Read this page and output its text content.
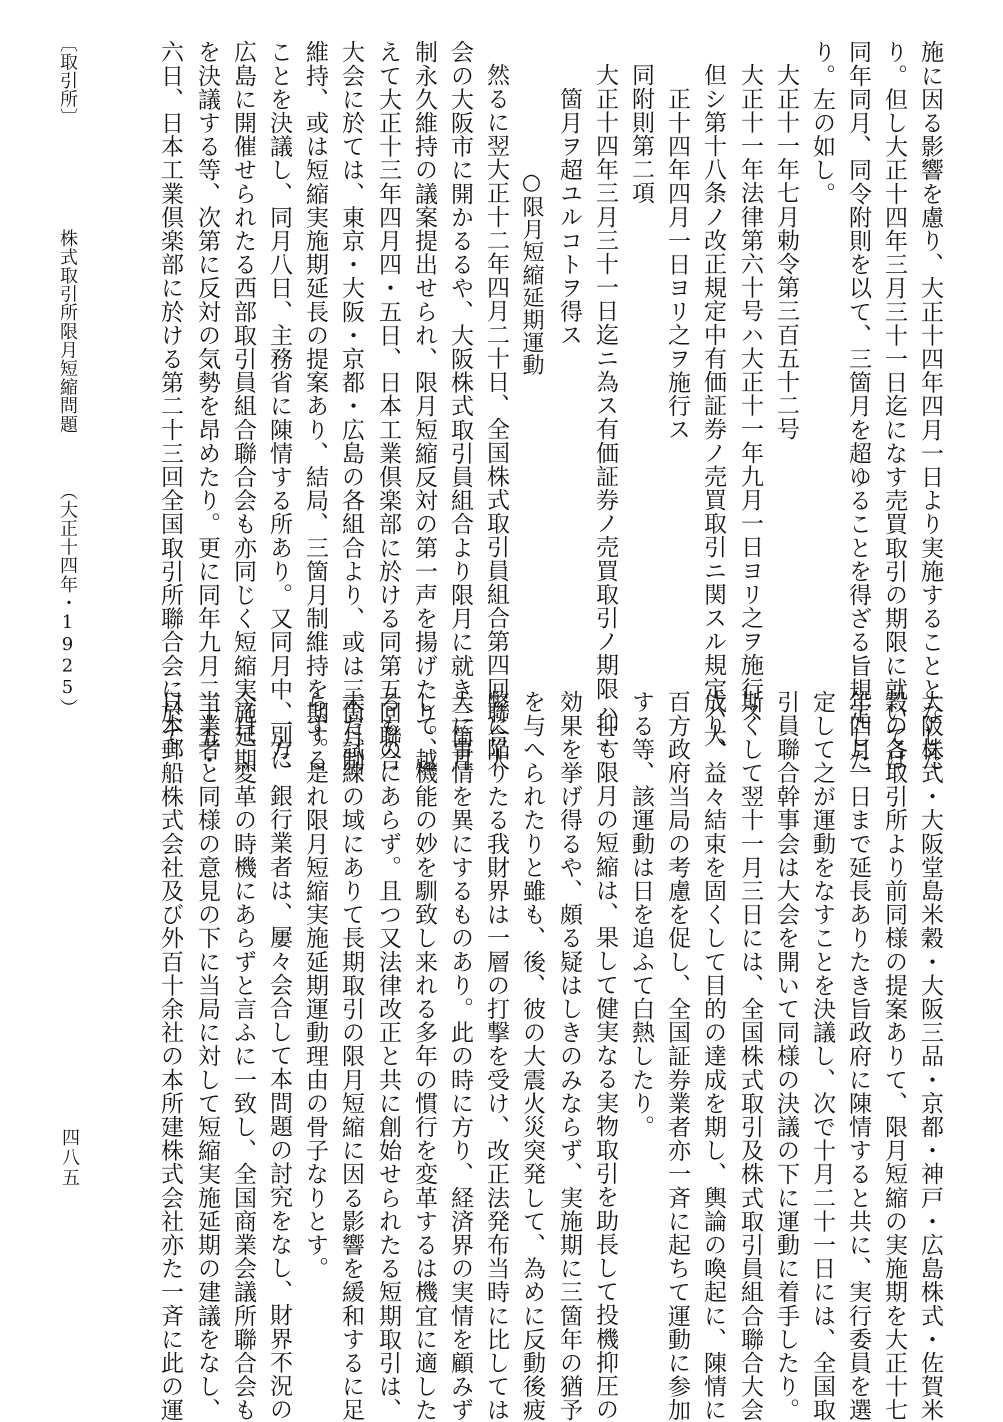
〔取引所〕
株式取引所限月短縮問題
（大正十四年・1925）	施に因る影響を慮り、大正十四年四月一日より実施することとなした
り。但し大正十四年三月三十一日迄になす売買取引の期限に就いては
同年同月、同令附則を以て、三箇月を超ゆることを得ざる旨規定した
り。左の如し。
大正十一年七月勅令第三百五十二号
大正十一年法律第六十号ハ大正十一年九月一日ヨリ之ヲ施行ス
但シ第十八条ノ改正規定中有価証券ノ売買取引ニ関スル規定ハ大
正十四年四月一日ヨリ之ヲ施行ス
同附則第二項
大正十四年三月三十一日迄ニ為ス有価証券ノ売買取引ノ期限ハ三
箇月ヲ超ユルコトヲ得ス
○限月短縮延期運動
然るに翌大正十二年四月二十日、全国株式取引員組合第四回聯合大
会の大阪市に開かるるや、大阪株式取引員組合より限月に就き三箇月
制永久維持の議案提出せられ、限月短縮反対の第一声を揚げたり。越
えて大正十三年四月四・五日、日本工業倶楽部に於ける同第五回聯合
大会に於ては、東京・大阪・京都・広島の各組合より、或は三箇月制
維持、或は短縮実施期延長の提案あり、結局、三箇月制維持を期する
ことを決議し、同月八日、主務省に陳情する所あり。又同月中、別に
広島に開催せられたる西部取引員組合聯合会も亦同じく短縮実施延期
を決議する等、次第に反対の気勢を昂めたり。更に同年九月二十五・
六日、日本工業倶楽部に於ける第二十三回全国取引所聯合会に於て
大阪株式・大阪堂島米穀・大阪三品・京都・神戸・広島株式・佐賀米
穀の各取引所より前同様の提案ありて、限月短縮の実施期を大正十七
年四月一日まで延長ありたき旨政府に陳情すると共に、実行委員を選
定して之が運動をなすことを決議し、次で十月二十一日には、全国取
引員聯合幹事会は大会を開いて同様の決議の下に運動に着手したり。
斯くして翌十一月三日には、全国株式取引及株式取引員組合聯合大会
成り、益々結束を固くして目的の達成を期し、輿論の喚起に、陳情に
百方政府当局の考慮を促し、全国証券業者亦一斉に起ちて運動に参加
する等、該運動は日を追ふて白熱したり。
抑も限月の短縮は、果して健実なる実物取引を助長して投機抑圧の
効果を挙げ得るや、頗る疑はしきのみならず、実施期に三箇年の猶予
を与へられたりと雖も、後、彼の大震火災突発して、為めに反動後疲
弊に陥りたる我財界は一層の打撃を受け、改正法発布当時に比しては
大に事情を異にするものあり。此の時に方り、経済界の実情を顧みず
して、機能の妙を馴致し来れる多年の慣行を変革するは機宜に適した
るものにあらず。且つ又法律改正と共に創始せられたる短期取引は、
未だ試練の域にありて長期取引の限月短縮に因る影響を緩和するに足
らず。是れ限月短縮実施延期運動理由の骨子なりとす。
一方、銀行業者は、屢々会合して本問題の討究をなし、財界不況の
今日、変革の時機にあらずと言ふに一致し、全国商業会議所聯合会も
当業者と同様の意見の下に当局に対して短縮実施延期の建議をなし、
日本郵船株式会社及び外百十余社の本所建株式会社亦た一斉に此の運
四八五
